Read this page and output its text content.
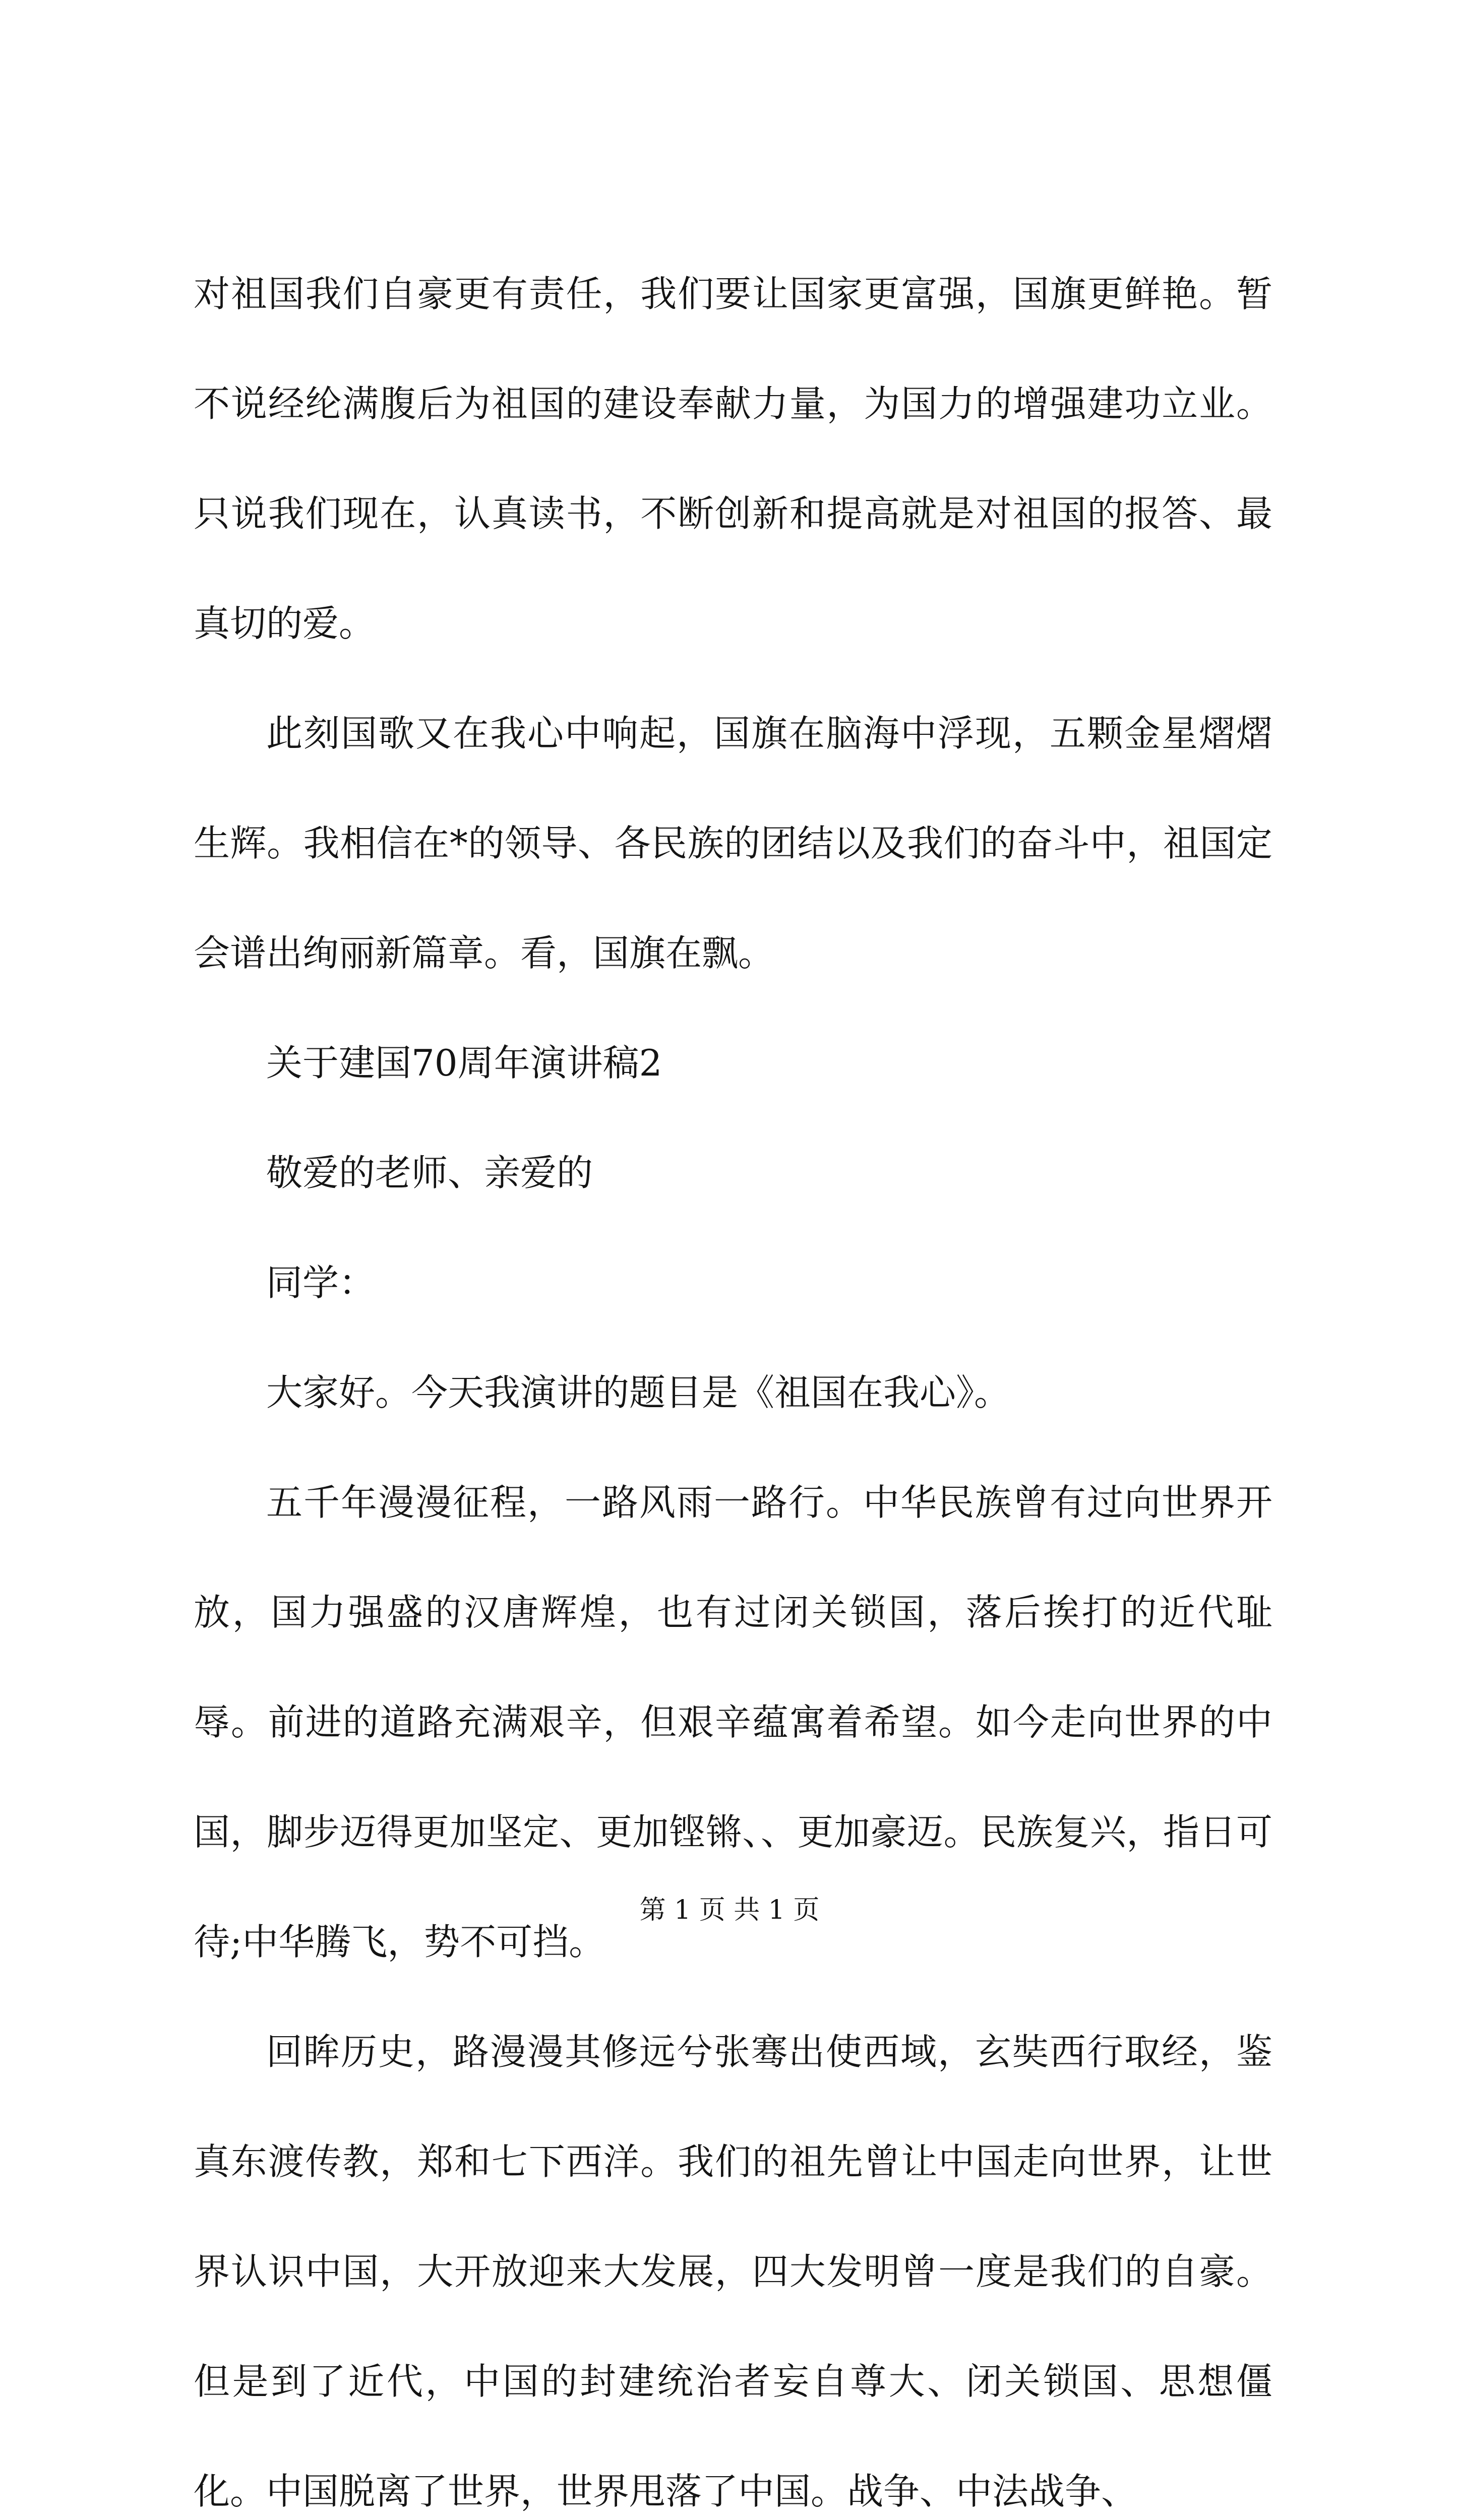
对祖国我们自豪更有责任，我们要让国家更富强，国旗更鲜艳。暂不说经纶满腹后为祖国的建设奉献力量，为国力的增强建功立业。只说我们现在，认真读书，不断创新和提高就是对祖国的报答、最真切的爱。

此刻国歌又在我心中响起，国旗在脑海中浮现，五颗金星熠熠生辉。我相信在*的领导、各民族的团结以及我们的奋斗中，祖国定会谱出绚丽新篇章。看，国旗在飘。

关于建国70周年演讲稿2

敬爱的老师、亲爱的

同学：

大家好。今天我演讲的题目是《祖国在我心》。

五千年漫漫征程，一路风雨一路行。中华民族曾有过向世界开放，国力强盛的汉唐辉煌，也有过闭关锁国，落后挨打的近代耻辱。前进的道路充满艰辛，但艰辛蕴寓着希望。如今走向世界的中国，脚步迈得更加坚定、更加铿锵、、更加豪迈。民族复兴，指日可待;中华腾飞，势不可挡。

回眸历史，路漫漫其修远兮张骞出使西域，玄奘西行取经，鉴真东渡传教，郑和七下西洋。我们的祖先曾让中国走向世界，让世界认识中国，大开放迎来大发展，四大发明曾一度是我们的自豪。但是到了近代，中国的封建统治者妄自尊大、闭关锁国、思想僵化。中国脱离了世界，世界甩落了中国。战争、中法战争、

第 1 页 共 1 页
